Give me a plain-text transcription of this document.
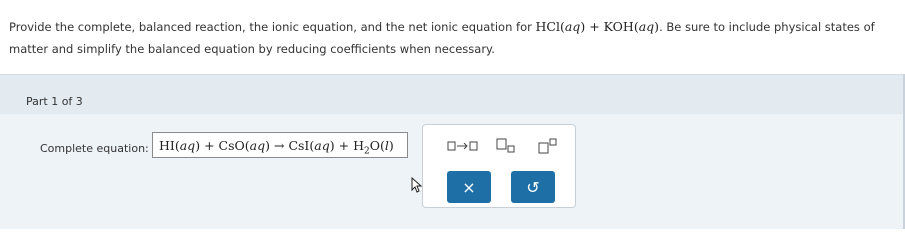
Provide the complete, balanced reaction, the ionic equation, and the net ionic equation for HCl(aq) + KOH(aq). Be sure to include physical states of matter and simplify the balanced equation by reducing coefficients when necessary.
Part 1 of 3
Complete equation: $HI(aq) + CsO(aq) \to CsI(aq) + H_2O(l)$
×	↺
